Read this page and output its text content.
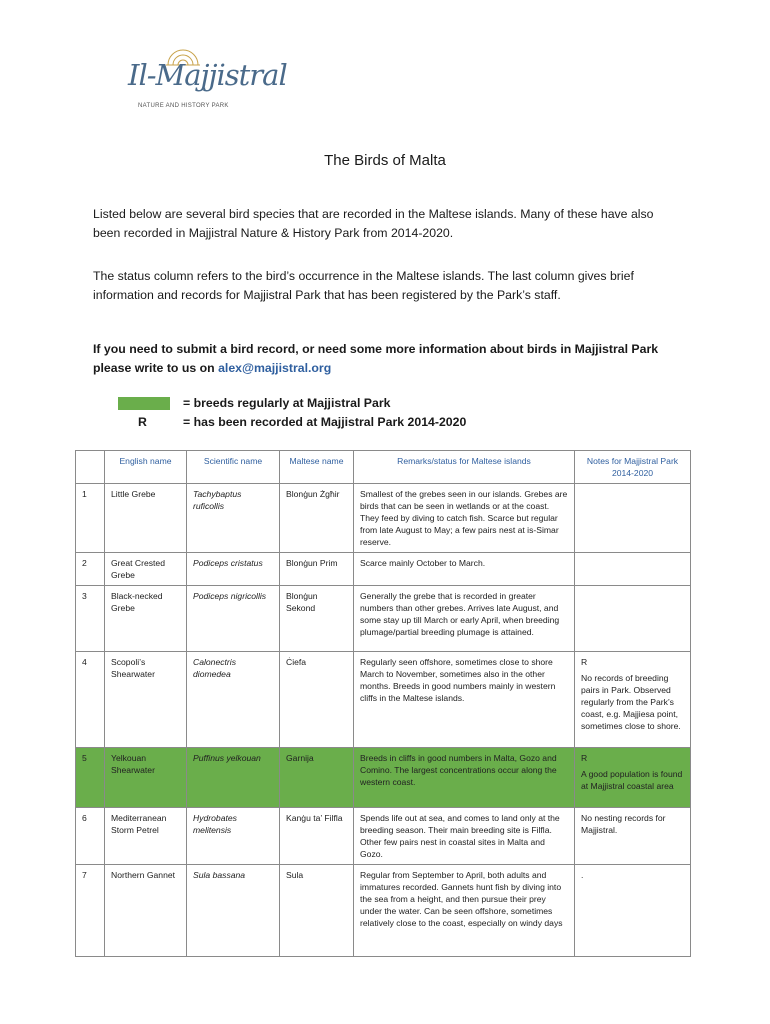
Il-Majjistral
NATURE AND HISTORY PARK
The Birds of Malta

Listed below are several bird species that are recorded in the Maltese islands. Many of these have also been recorded in Majjistral Nature & History Park from 2014-2020.

The status column refers to the bird’s occurrence in the Maltese islands. The last column gives brief information and records for Majjistral Park that has been registered by the Park’s staff.

If you need to submit a bird record, or need some more information about birds in Majjistral Park please write to us on alex@majjistral.org

= breeds regularly at Majjistral Park
R	= has been recorded at Majjistral Park 2014-2020
	English name	Scientific name	Maltese name	Remarks/status for Maltese islands	Notes for Majjistral Park 2014-2020
1	Little Grebe	Tachybaptus ruficollis	Blonġun Żgħir	Smallest of the grebes seen in our islands. Grebes are birds that can be seen in wetlands or at the coast. They feed by diving to catch fish. Scarce but regular from late August to May; a few pairs nest at is-Simar reserve.	

2	Great Crested Grebe	Podiceps cristatus	Blonġun Prim	Scarce mainly October to March.	

3	Black-necked Grebe	Podiceps nigricollis	Blonġun Sekond	Generally the grebe that is recorded in greater numbers than other grebes. Arrives late August, and some stay up till March or early April, when breeding plumage/partial breeding plumage is attained.	

4	Scopoli’s Shearwater	Calonectris diomedea	Ċiefa	Regularly seen offshore, sometimes close to shore March to November, sometimes also in the other months. Breeds in good numbers mainly in western cliffs in the Maltese islands.	R
No records of breeding pairs in Park. Observed regularly from the Park’s coast, e.g. Majjiesa point, sometimes close to shore.

5	Yelkouan Shearwater	Puffinus yelkouan	Garnija	Breeds in cliffs in good numbers in Malta, Gozo and Comino. The largest concentrations occur along the western coast.	R
A good population is found at Majjistral coastal area

6	Mediterranean Storm Petrel	Hydrobates melitensis	Kanġu ta’ Filfla	Spends life out at sea, and comes to land only at the breeding season. Their main breeding site is Filfla. Other few pairs nest in coastal sites in Malta and Gozo.	No nesting records for Majjistral.

7	Northern Gannet	Sula bassana	Sula	Regular from September to April, both adults and immatures recorded. Gannets hunt fish by diving into the sea from a height, and then pursue their prey under the water. Can be seen offshore, sometimes relatively close to the coast, especially on windy days	.
